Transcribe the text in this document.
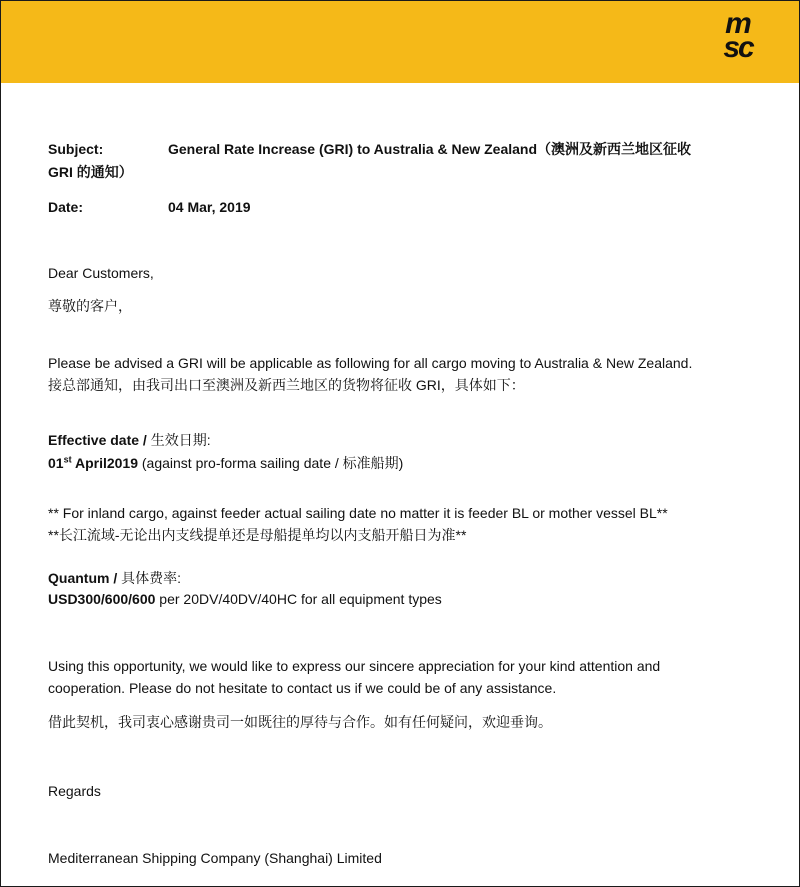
m
sc
Subject:	General Rate Increase (GRI) to Australia & New Zealand（澳洲及新西兰地区征收
GRI 的通知）
Date:	04 Mar, 2019
Dear Customers,
尊敬的客户，
Please be advised a GRI will be applicable as following for all cargo moving to Australia & New Zealand.
接总部通知，由我司出口至澳洲及新西兰地区的货物将征收 GRI，具体如下：
Effective date / 生效日期:
01st April2019 (against pro-forma sailing date / 标准船期)
** For inland cargo, against feeder actual sailing date no matter it is feeder BL or mother vessel BL**
**长江流域-无论出内支线提单还是母船提单均以内支船开船日为准**
Quantum / 具体费率:
USD300/600/600 per 20DV/40DV/40HC for all equipment types
Using this opportunity, we would like to express our sincere appreciation for your kind attention and
cooperation. Please do not hesitate to contact us if we could be of any assistance.
借此契机，我司衷心感谢贵司一如既往的厚待与合作。如有任何疑问，欢迎垂询。
Regards
Mediterranean Shipping Company (Shanghai) Limited
